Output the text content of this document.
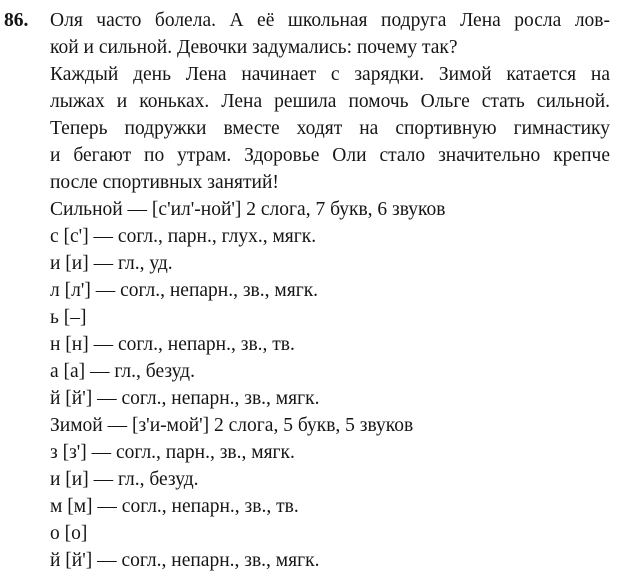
86. Оля часто болела. А её школьная подруга Лена росла лов-
кой и сильной. Девочки задумались: почему так?
Каждый день Лена начинает с зарядки. Зимой катается на
лыжах и коньках. Лена решила помочь Ольге стать сильной.
Теперь подружки вместе ходят на спортивную гимнастику
и бегают по утрам. Здоровье Оли стало значительно крепче
после спортивных занятий!
Сильной — [с'ил'-ной'] 2 слога, 7 букв, 6 звуков
с [с'] — согл., парн., глух., мягк.
и [и] — гл., уд.
л [л'] — согл., непарн., зв., мягк.
ь [–]
н [н] — согл., непарн., зв., тв.
а [а] — гл., безуд.
й [й'] — согл., непарн., зв., мягк.
Зимой — [з'и-мой'] 2 слога, 5 букв, 5 звуков
з [з'] — согл., парн., зв., мягк.
и [и] — гл., безуд.
м [м] — согл., непарн., зв., тв.
о [о]
й [й'] — согл., непарн., зв., мягк.
